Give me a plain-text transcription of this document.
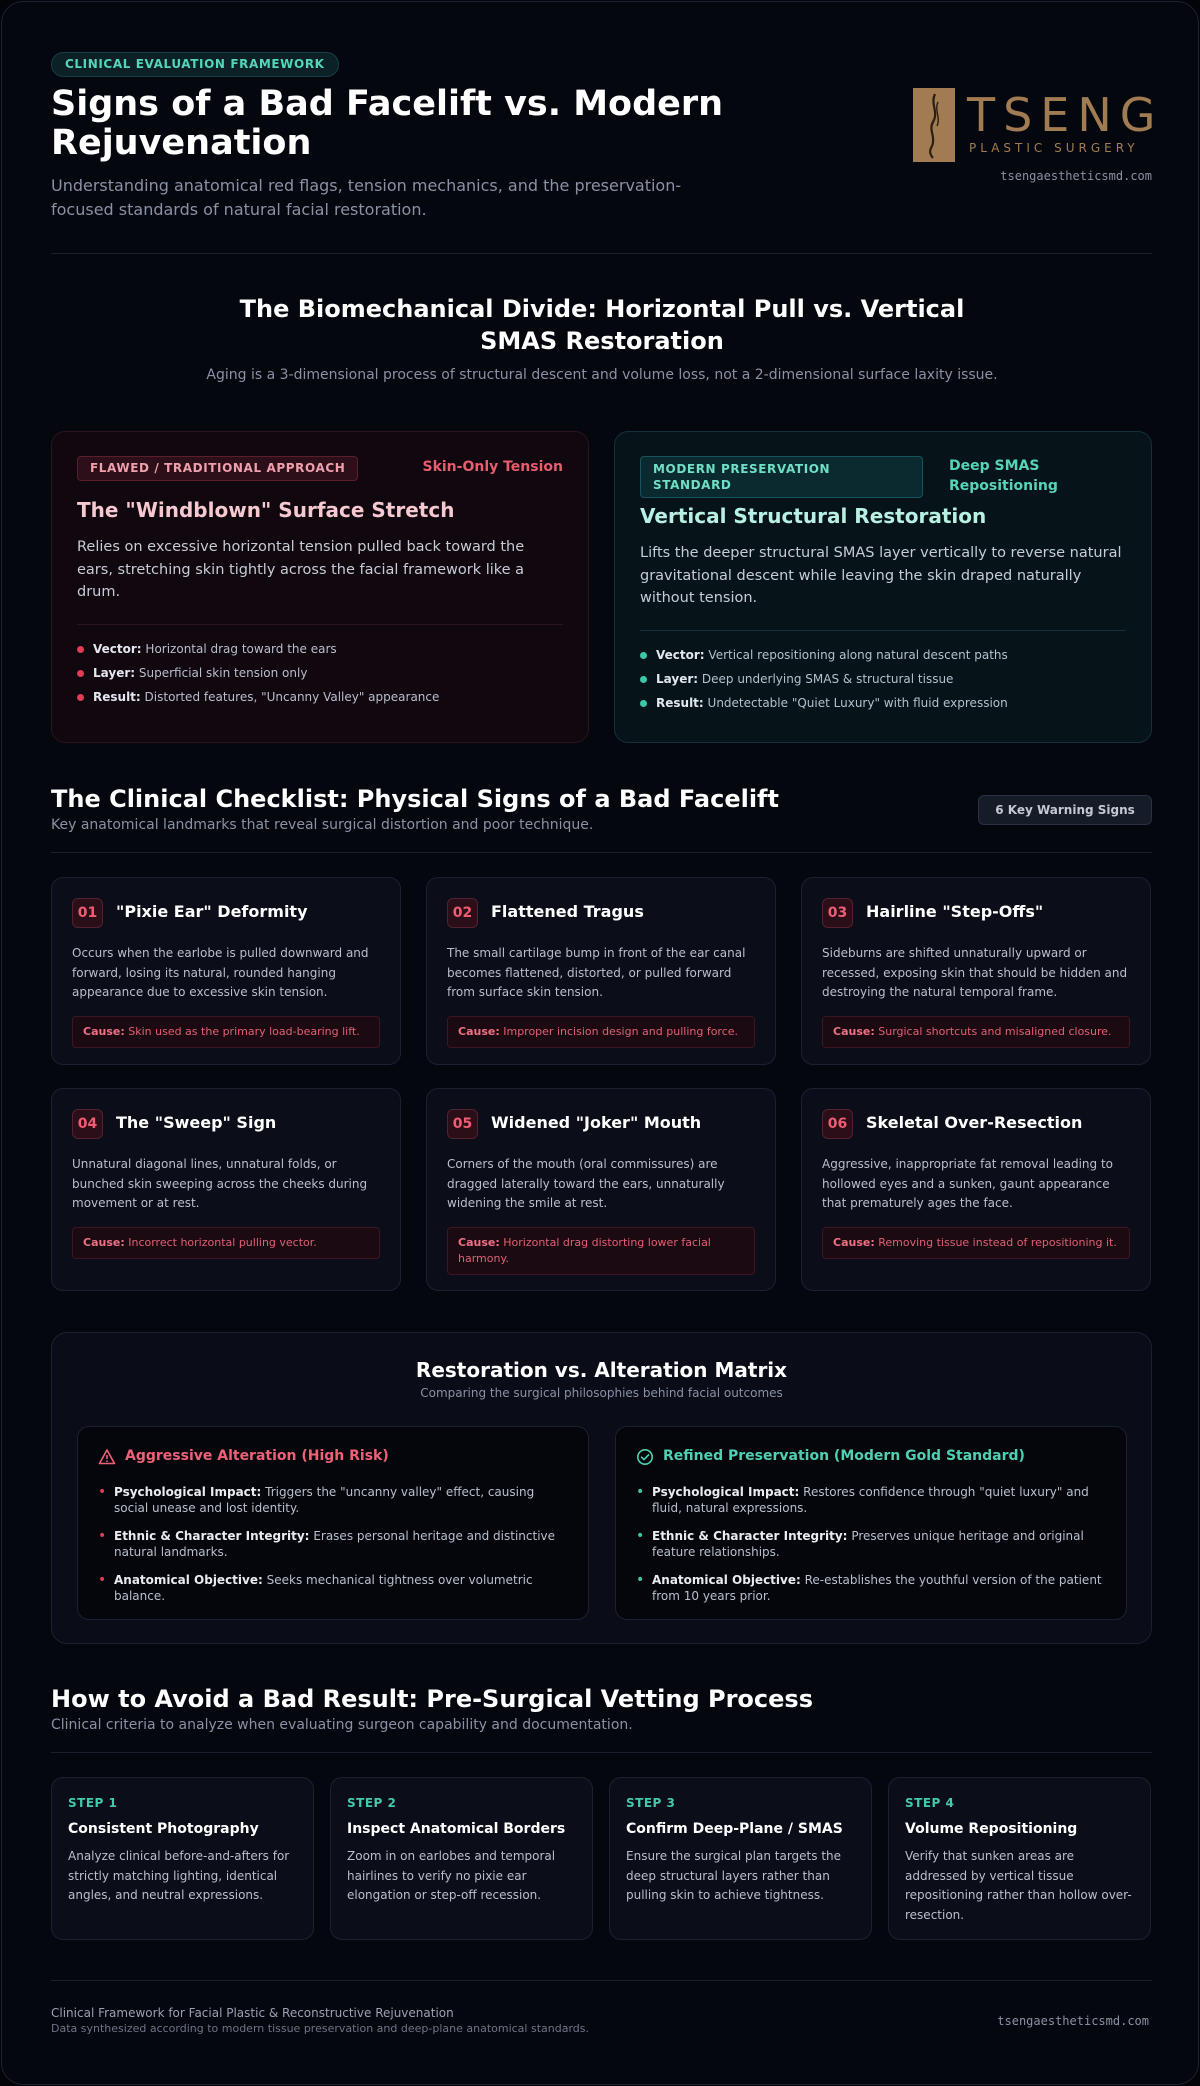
CLINICAL EVALUATION FRAMEWORK
Signs of a Bad Facelift vs. Modern Rejuvenation

Understanding anatomical red flags, tension mechanics, and the preservation-focused standards of natural facial restoration.

TSENG
PLASTIC SURGERY
tsengaestheticsmd.com
The Biomechanical Divide: Horizontal Pull vs. Vertical SMAS Restoration

Aging is a 3-dimensional process of structural descent and volume loss, not a 2-dimensional surface laxity issue.

FLAWED / TRADITIONAL APPROACH	Skin-Only Tension
The "Windblown" Surface Stretch
Relies on excessive horizontal tension pulled back toward the ears, stretching skin tightly across the facial framework like a drum.
Vector: Horizontal drag toward the ears
Layer: Superficial skin tension only
Result: Distorted features, "Uncanny Valley" appearance
MODERN PRESERVATION STANDARD
Deep SMAS Repositioning
Vertical Structural Restoration
Lifts the deeper structural SMAS layer vertically to reverse natural gravitational descent while leaving the skin draped naturally without tension.
Vector: Vertical repositioning along natural descent paths
Layer: Deep underlying SMAS & structural tissue
Result: Undetectable "Quiet Luxury" with fluid expression
The Clinical Checklist: Physical Signs of a Bad Facelift

Key anatomical landmarks that reveal surgical distortion and poor technique.

6 Key Warning Signs
01	"Pixie Ear" Deformity
Occurs when the earlobe is pulled downward and forward, losing its natural, rounded hanging appearance due to excessive skin tension.
Cause: Skin used as the primary load-bearing lift.
02	Flattened Tragus
The small cartilage bump in front of the ear canal becomes flattened, distorted, or pulled forward from surface skin tension.
Cause: Improper incision design and pulling force.
03	Hairline "Step-Offs"
Sideburns are shifted unnaturally upward or recessed, exposing skin that should be hidden and destroying the natural temporal frame.
Cause: Surgical shortcuts and misaligned closure.
04	The "Sweep" Sign
Unnatural diagonal lines, unnatural folds, or bunched skin sweeping across the cheeks during movement or at rest.
Cause: Incorrect horizontal pulling vector.
05	Widened "Joker" Mouth
Corners of the mouth (oral commissures) are dragged laterally toward the ears, unnaturally widening the smile at rest.
Cause: Horizontal drag distorting lower facial harmony.
06	Skeletal Over-Resection
Aggressive, inappropriate fat removal leading to hollowed eyes and a sunken, gaunt appearance that prematurely ages the face.
Cause: Removing tissue instead of repositioning it.
Restoration vs. Alteration Matrix
Comparing the surgical philosophies behind facial outcomes
Aggressive Alteration (High Risk)
• Psychological Impact: Triggers the "uncanny valley" effect, causing social unease and lost identity.
• Ethnic & Character Integrity: Erases personal heritage and distinctive natural landmarks.
• Anatomical Objective: Seeks mechanical tightness over volumetric balance.
Refined Preservation (Modern Gold Standard)
• Psychological Impact: Restores confidence through "quiet luxury" and fluid, natural expressions.
• Ethnic & Character Integrity: Preserves unique heritage and original feature relationships.
• Anatomical Objective: Re-establishes the youthful version of the patient from 10 years prior.
How to Avoid a Bad Result: Pre-Surgical Vetting Process

Clinical criteria to analyze when evaluating surgeon capability and documentation.

STEP 1
Consistent Photography
Analyze clinical before-and-afters for strictly matching lighting, identical angles, and neutral expressions.
STEP 2
Inspect Anatomical Borders
Zoom in on earlobes and temporal hairlines to verify no pixie ear elongation or step-off recession.
STEP 3
Confirm Deep-Plane / SMAS
Ensure the surgical plan targets the deep structural layers rather than pulling skin to achieve tightness.
STEP 4
Volume Repositioning
Verify that sunken areas are addressed by vertical tissue repositioning rather than hollow over-resection.
Clinical Framework for Facial Plastic & Reconstructive Rejuvenation
Data synthesized according to modern tissue preservation and deep-plane anatomical standards.
tsengaestheticsmd.com
